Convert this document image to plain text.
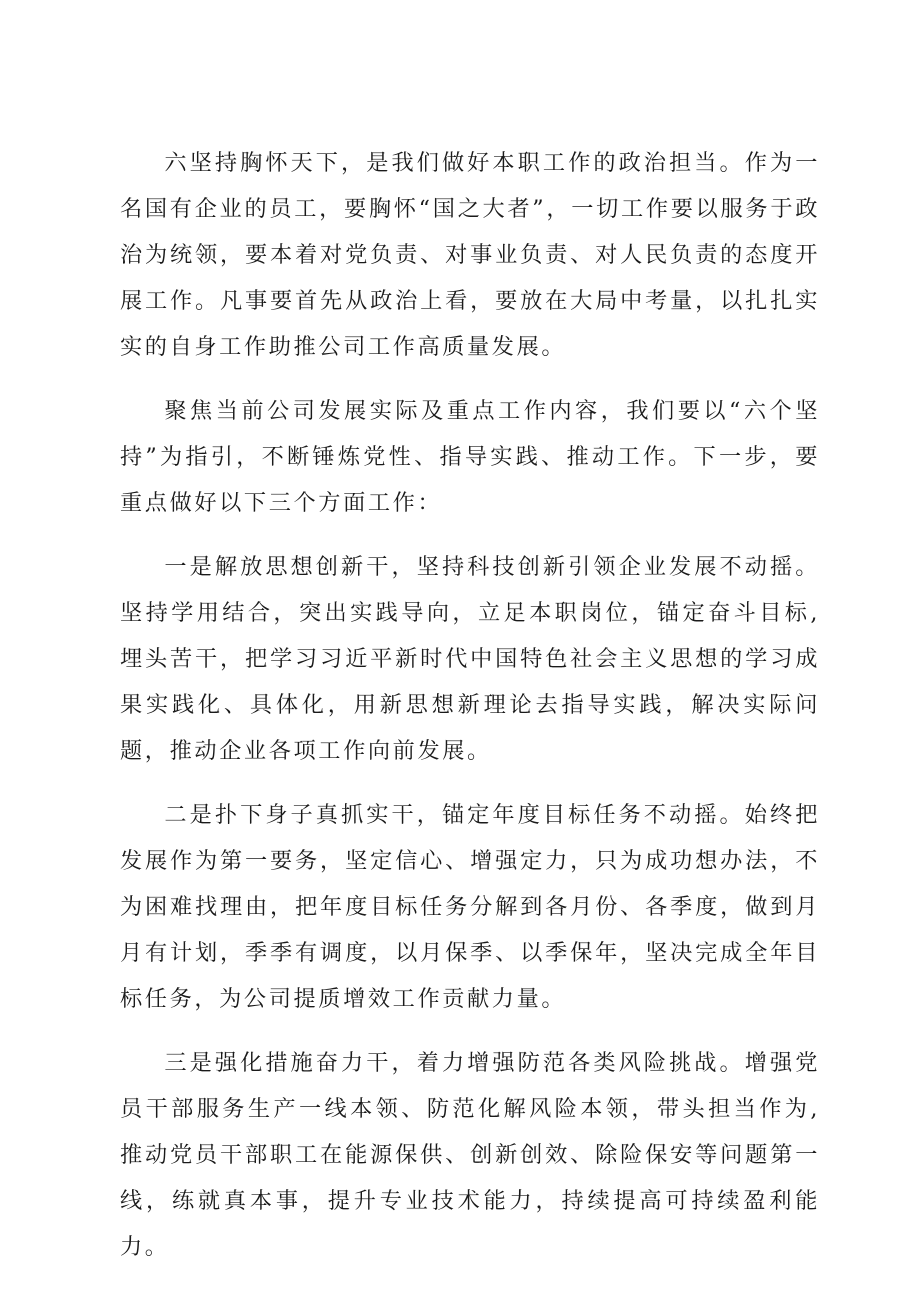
六坚持胸怀天下，是我们做好本职工作的政治担当。作为一名国有企业的员工，要胸怀“国之大者”，一切工作要以服务于政治为统领，要本着对党负责、对事业负责、对人民负责的态度开展工作。凡事要首先从政治上看，要放在大局中考量，以扎扎实实的自身工作助推公司工作高质量发展。

聚焦当前公司发展实际及重点工作内容，我们要以“六个坚持”为指引，不断锤炼党性、指导实践、推动工作。下一步，要重点做好以下三个方面工作：

一是解放思想创新干，坚持科技创新引领企业发展不动摇。坚持学用结合，突出实践导向，立足本职岗位，锚定奋斗目标,埋头苦干，把学习习近平新时代中国特色社会主义思想的学习成果实践化、具体化，用新思想新理论去指导实践，解决实际问题，推动企业各项工作向前发展。

二是扑下身子真抓实干，锚定年度目标任务不动摇。始终把发展作为第一要务，坚定信心、增强定力，只为成功想办法，不为困难找理由，把年度目标任务分解到各月份、各季度，做到月月有计划，季季有调度，以月保季、以季保年，坚决完成全年目标任务，为公司提质增效工作贡献力量。

三是强化措施奋力干，着力增强防范各类风险挑战。增强党员干部服务生产一线本领、防范化解风险本领，带头担当作为,推动党员干部职工在能源保供、创新创效、除险保安等问题第一线，练就真本事，提升专业技术能力，持续提高可持续盈利能力。
